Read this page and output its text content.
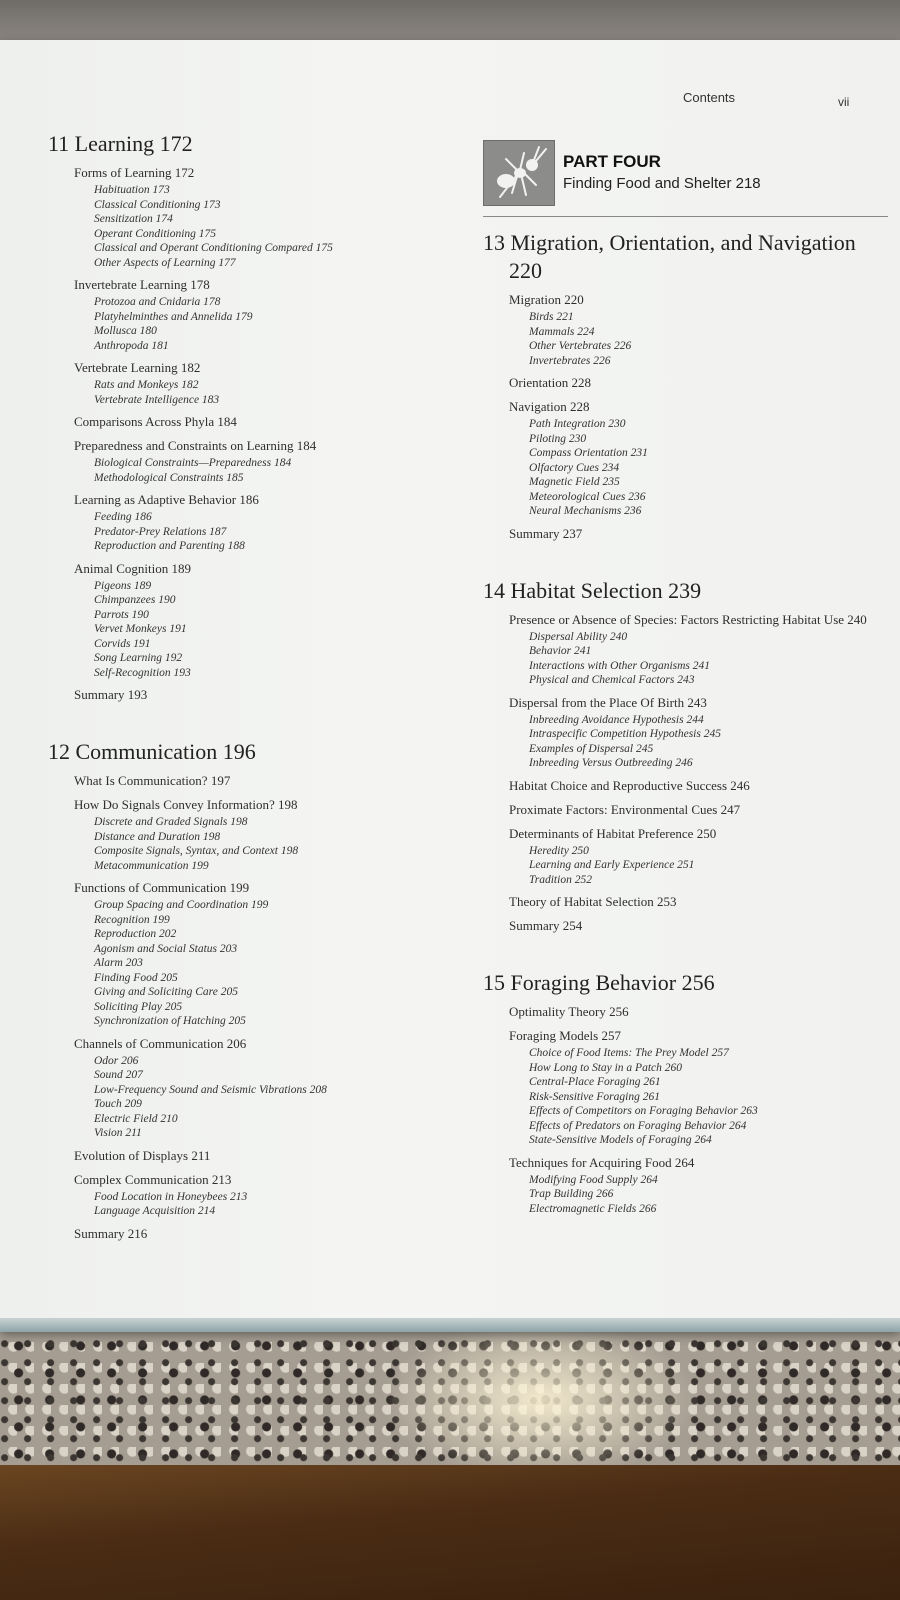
Contents	vii
11 Learning 172
Forms of Learning 172
Habituation 173
Classical Conditioning 173
Sensitization 174
Operant Conditioning 175
Classical and Operant Conditioning Compared 175
Other Aspects of Learning 177
Invertebrate Learning 178
Protozoa and Cnidaria 178
Platyhelminthes and Annelida 179
Mollusca 180
Anthropoda 181
Vertebrate Learning 182
Rats and Monkeys 182
Vertebrate Intelligence 183
Comparisons Across Phyla 184
Preparedness and Constraints on Learning 184
Biological Constraints—Preparedness 184
Methodological Constraints 185
Learning as Adaptive Behavior 186
Feeding 186
Predator-Prey Relations 187
Reproduction and Parenting 188
Animal Cognition 189
Pigeons 189
Chimpanzees 190
Parrots 190
Vervet Monkeys 191
Corvids 191
Song Learning 192
Self-Recognition 193
Summary 193
12 Communication 196
What Is Communication? 197
How Do Signals Convey Information? 198
Discrete and Graded Signals 198
Distance and Duration 198
Composite Signals, Syntax, and Context 198
Metacommunication 199
Functions of Communication 199
Group Spacing and Coordination 199
Recognition 199
Reproduction 202
Agonism and Social Status 203
Alarm 203
Finding Food 205
Giving and Soliciting Care 205
Soliciting Play 205
Synchronization of Hatching 205
Channels of Communication 206
Odor 206
Sound 207
Low-Frequency Sound and Seismic Vibrations 208
Touch 209
Electric Field 210
Vision 211
Evolution of Displays 211
Complex Communication 213
Food Location in Honeybees 213
Language Acquisition 214
Summary 216
PART FOUR
Finding Food and Shelter 218
13 Migration, Orientation, and Navigation 220
Migration 220
Birds 221
Mammals 224
Other Vertebrates 226
Invertebrates 226
Orientation 228
Navigation 228
Path Integration 230
Piloting 230
Compass Orientation 231
Olfactory Cues 234
Magnetic Field 235
Meteorological Cues 236
Neural Mechanisms 236
Summary 237
14 Habitat Selection 239
Presence or Absence of Species: Factors Restricting Habitat Use 240
Dispersal Ability 240
Behavior 241
Interactions with Other Organisms 241
Physical and Chemical Factors 243
Dispersal from the Place Of Birth 243
Inbreeding Avoidance Hypothesis 244
Intraspecific Competition Hypothesis 245
Examples of Dispersal 245
Inbreeding Versus Outbreeding 246
Habitat Choice and Reproductive Success 246
Proximate Factors: Environmental Cues 247
Determinants of Habitat Preference 250
Heredity 250
Learning and Early Experience 251
Tradition 252
Theory of Habitat Selection 253
Summary 254
15 Foraging Behavior 256
Optimality Theory 256
Foraging Models 257
Choice of Food Items: The Prey Model 257
How Long to Stay in a Patch 260
Central-Place Foraging 261
Risk-Sensitive Foraging 261
Effects of Competitors on Foraging Behavior 263
Effects of Predators on Foraging Behavior 264
State-Sensitive Models of Foraging 264
Techniques for Acquiring Food 264
Modifying Food Supply 264
Trap Building 266
Electromagnetic Fields 266
